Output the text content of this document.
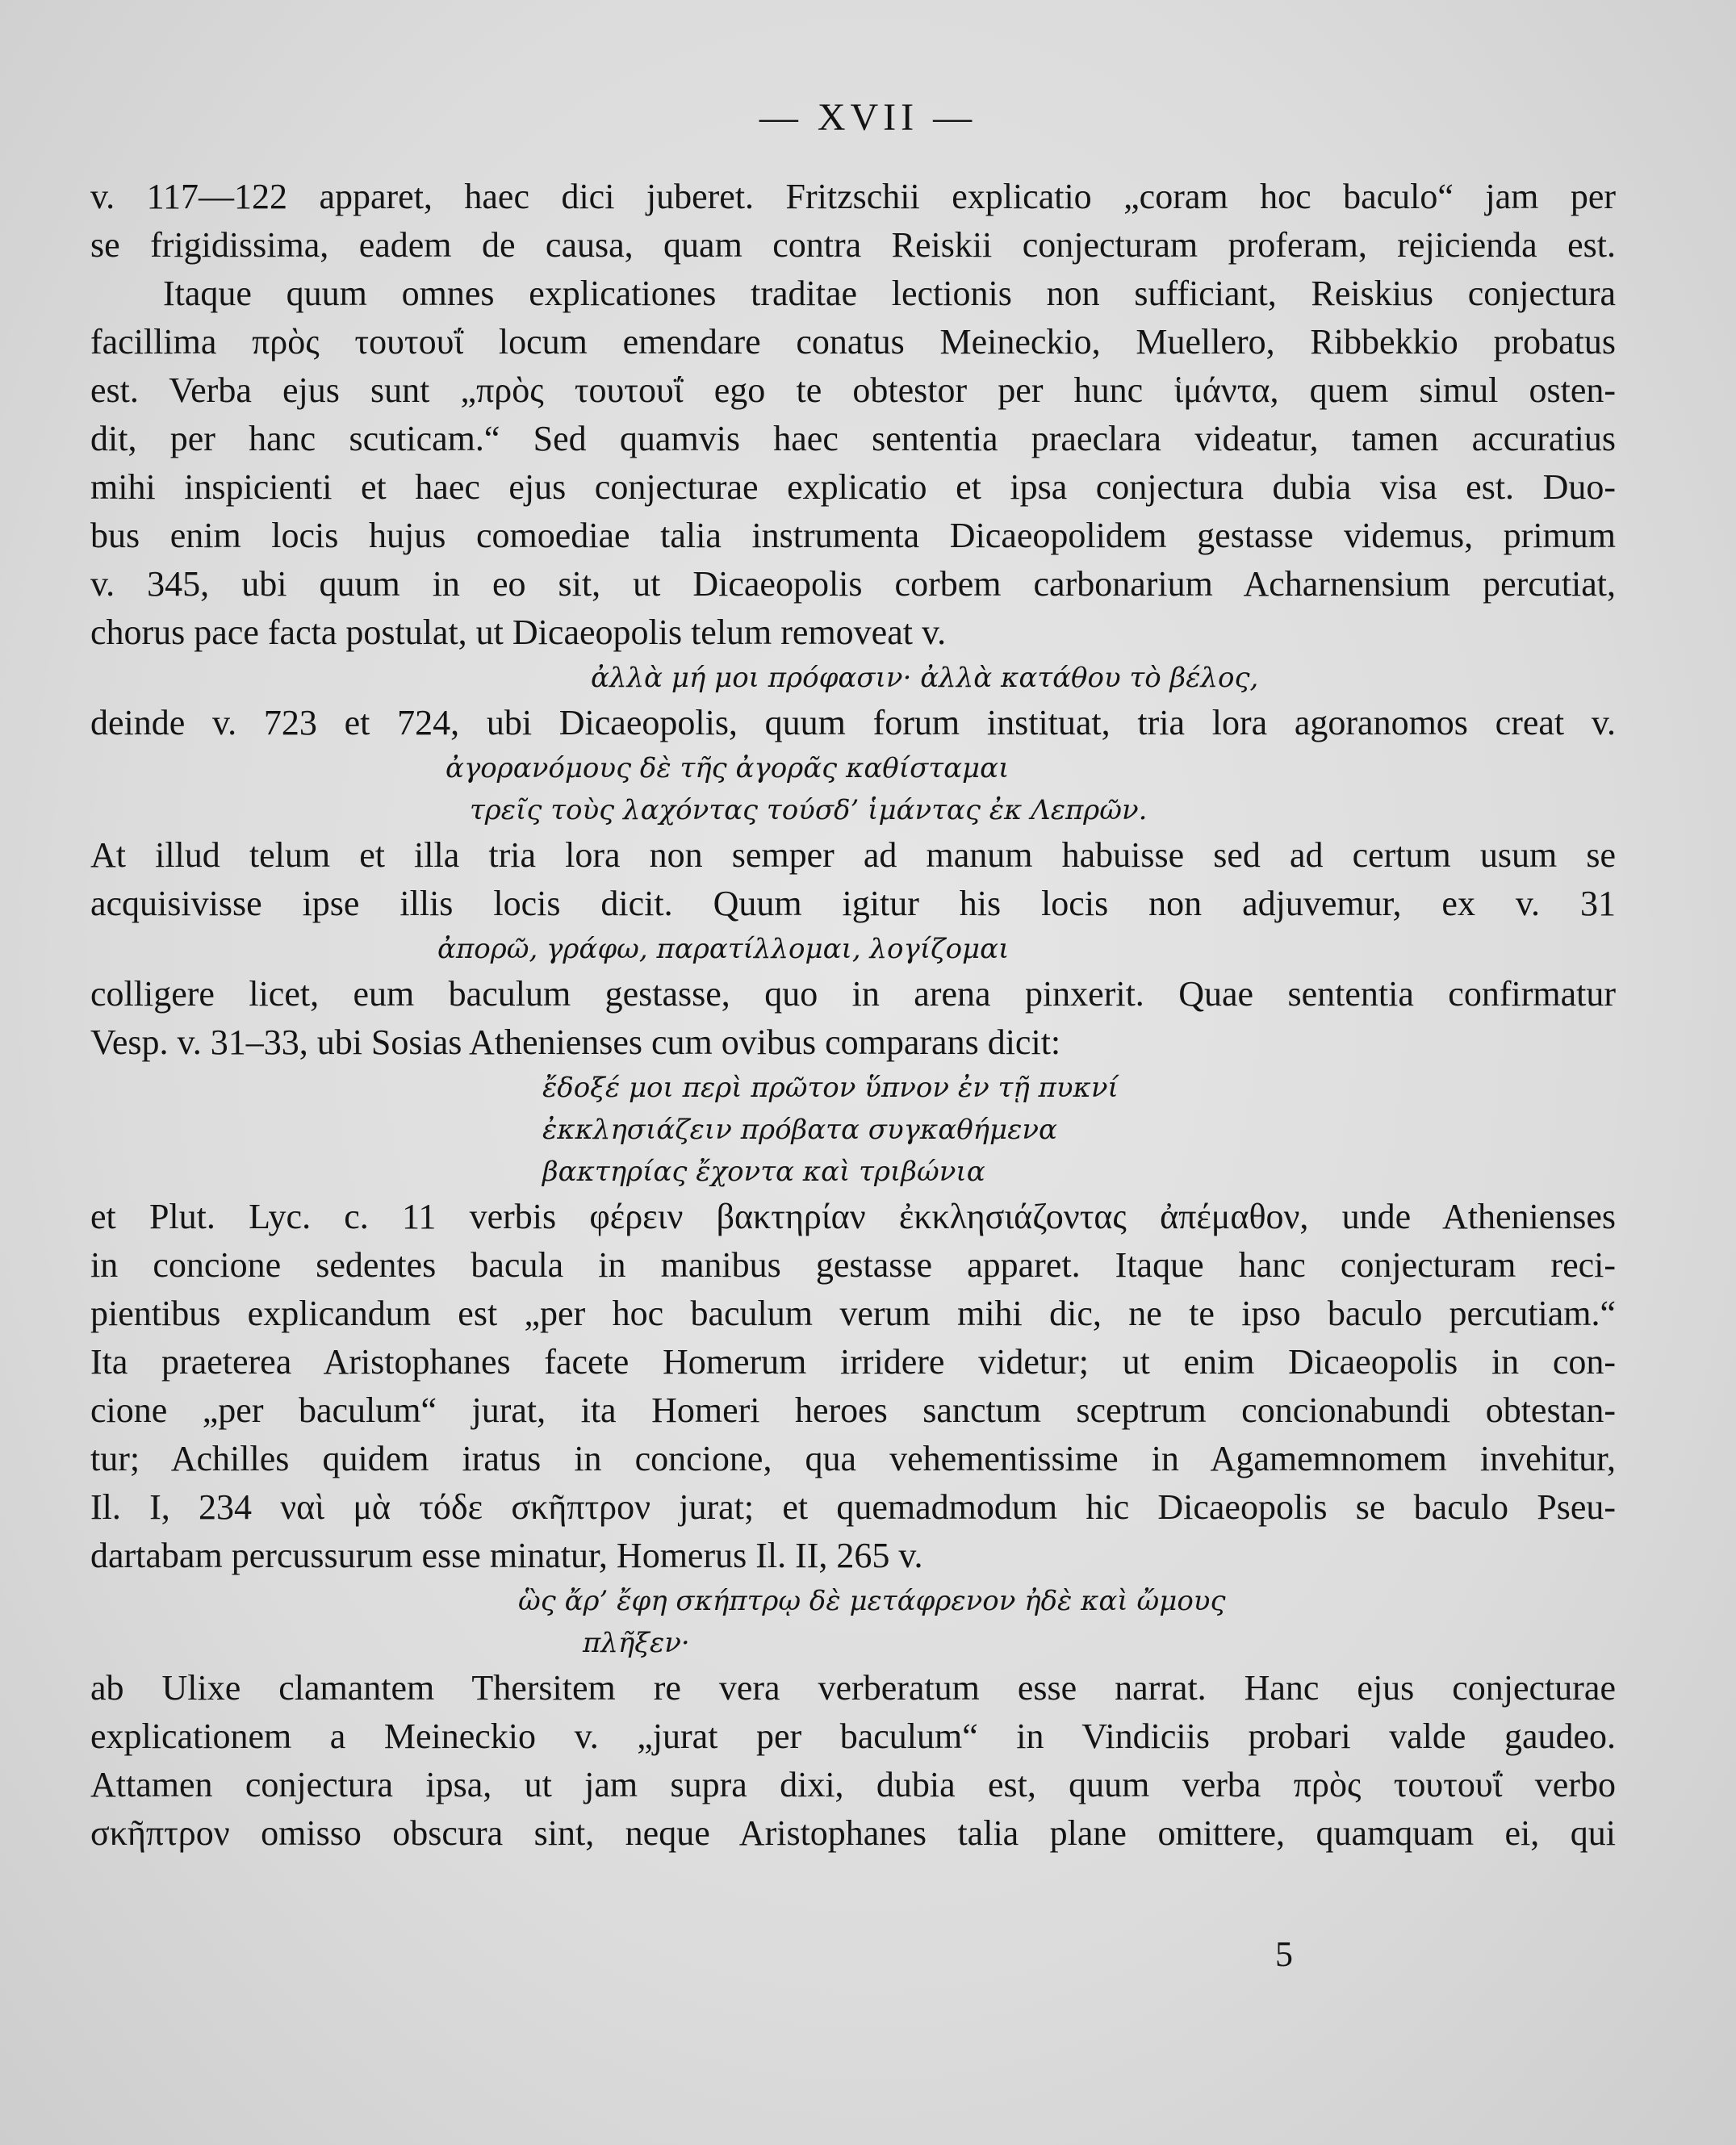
— XVII —
v. 117—122 apparet, haec dici juberet. Fritzschii explicatio „coram hoc baculo“ jam per
se frigidissima, eadem de causa, quam contra Reiskii conjecturam proferam, rejicienda est.
Itaque quum omnes explicationes traditae lectionis non sufficiant, Reiskius conjectura
facillima πρὸς τουτουΐ locum emendare conatus Meineckio, Muellero, Ribbekkio probatus
est. Verba ejus sunt „πρὸς τουτουΐ ego te obtestor per hunc ἱμάντα, quem simul osten-
dit, per hanc scuticam.“ Sed quamvis haec sententia praeclara videatur, tamen accuratius
mihi inspicienti et haec ejus conjecturae explicatio et ipsa conjectura dubia visa est. Duo-
bus enim locis hujus comoediae talia instrumenta Dicaeopolidem gestasse videmus, primum
v. 345, ubi quum in eo sit, ut Dicaeopolis corbem carbonarium Acharnensium percutiat,
chorus pace facta postulat, ut Dicaeopolis telum removeat v.
ἀλλὰ μή μοι πρόφασιν· ἀλλὰ κατάθου τὸ βέλος,
deinde v. 723 et 724, ubi Dicaeopolis, quum forum instituat, tria lora agoranomos creat v.
ἀγορανόμους δὲ τῆς ἀγορᾶς καθίσταμαι
τρεῖς τοὺς λαχόντας τούσδ’ ἱμάντας ἐκ Λεπρῶν.
At illud telum et illa tria lora non semper ad manum habuisse sed ad certum usum se
acquisivisse ipse illis locis dicit. Quum igitur his locis non adjuvemur, ex v. 31
ἀπορῶ, γράφω, παρατίλλομαι, λογίζομαι
colligere licet, eum baculum gestasse, quo in arena pinxerit. Quae sententia confirmatur
Vesp. v. 31–33, ubi Sosias Athenienses cum ovibus comparans dicit:
ἔδοξέ μοι περὶ πρῶτον ὕπνον ἐν τῇ πυκνί
ἐκκλησιάζειν πρόβατα συγκαθήμενα
βακτηρίας ἔχοντα καὶ τριβώνια
et Plut. Lyc. c. 11 verbis φέρειν βακτηρίαν ἐκκλησιάζοντας ἀπέμαθον, unde Athenienses
in concione sedentes bacula in manibus gestasse apparet. Itaque hanc conjecturam reci-
pientibus explicandum est „per hoc baculum verum mihi dic, ne te ipso baculo percutiam.“
Ita praeterea Aristophanes facete Homerum irridere videtur; ut enim Dicaeopolis in con-
cione „per baculum“ jurat, ita Homeri heroes sanctum sceptrum concionabundi obtestan-
tur; Achilles quidem iratus in concione, qua vehementissime in Agamemnomem invehitur,
Il. I, 234 ναὶ μὰ τόδε σκῆπτρον jurat; et quemadmodum hic Dicaeopolis se baculo Pseu-
dartabam percussurum esse minatur, Homerus Il. II, 265 v.
ὣς ἄρ’ ἔφη σκήπτρῳ δὲ μετάφρενον ἠδὲ καὶ ὤμους
πλῆξεν·
ab Ulixe clamantem Thersitem re vera verberatum esse narrat. Hanc ejus conjecturae
explicationem a Meineckio v. „jurat per baculum“ in Vindiciis probari valde gaudeo.
Attamen conjectura ipsa, ut jam supra dixi, dubia est, quum verba πρὸς τουτουΐ verbo
σκῆπτρον omisso obscura sint, neque Aristophanes talia plane omittere, quamquam ei, qui
5
